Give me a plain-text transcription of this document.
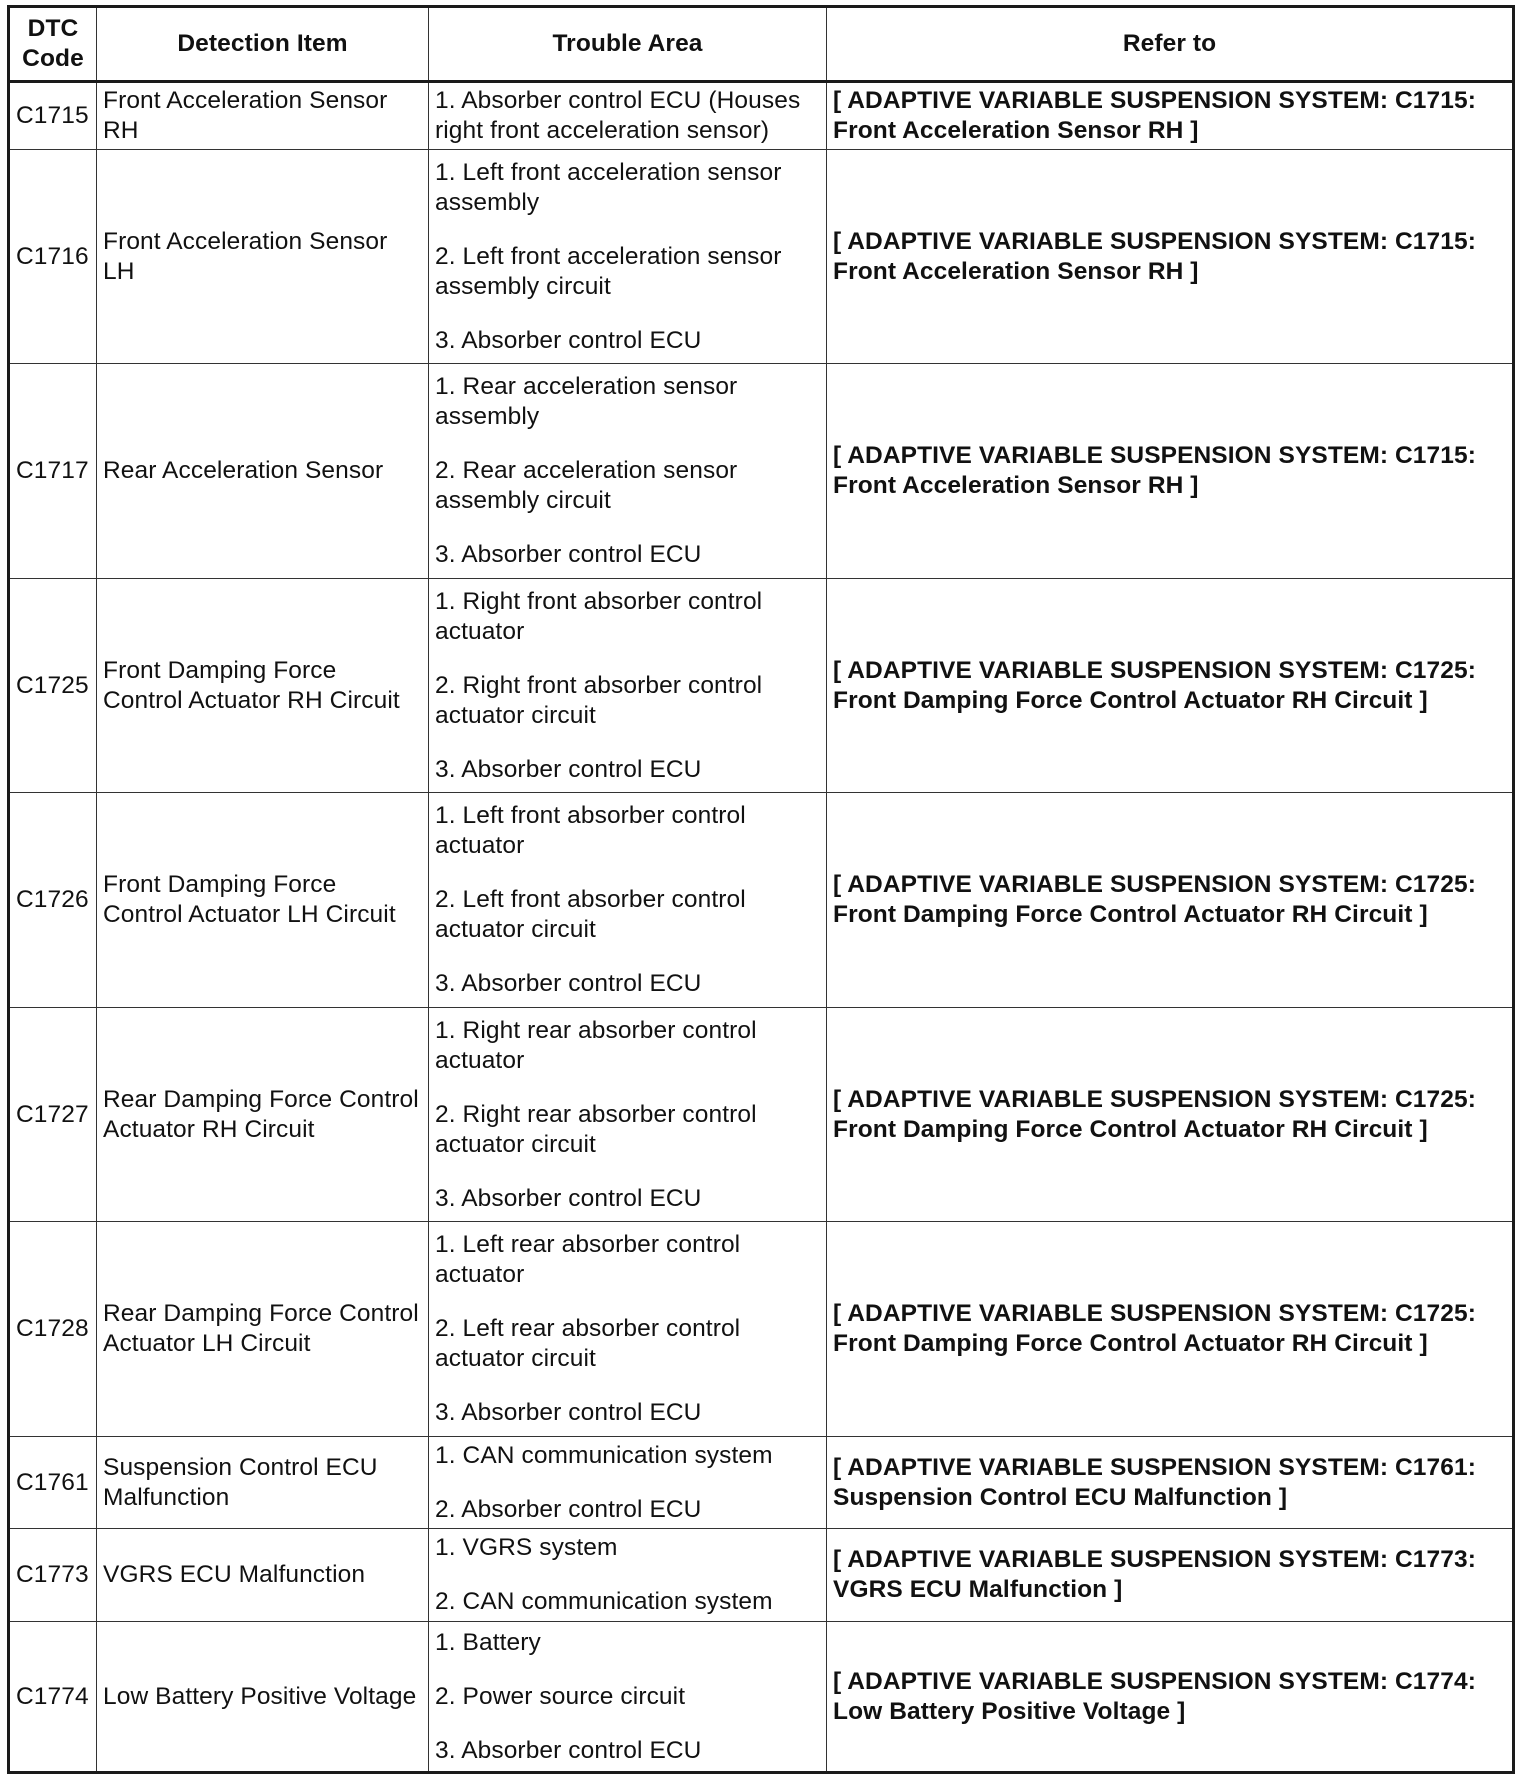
DTC
Code	Detection Item	Trouble Area	Refer to
C1715	Front Acceleration Sensor RH	1. Absorber control ECU (Houses right front acceleration sensor)	[ ADAPTIVE VARIABLE SUSPENSION SYSTEM: C1715: Front Acceleration Sensor RH ]
C1716	Front Acceleration Sensor LH	1. Left front acceleration sensor assembly
2. Left front acceleration sensor assembly circuit
3. Absorber control ECU	[ ADAPTIVE VARIABLE SUSPENSION SYSTEM: C1715: Front Acceleration Sensor RH ]
C1717	Rear Acceleration Sensor	1. Rear acceleration sensor assembly
2. Rear acceleration sensor assembly circuit
3. Absorber control ECU	[ ADAPTIVE VARIABLE SUSPENSION SYSTEM: C1715: Front Acceleration Sensor RH ]
C1725	Front Damping Force Control Actuator RH Circuit	1. Right front absorber control actuator
2. Right front absorber control actuator circuit
3. Absorber control ECU	[ ADAPTIVE VARIABLE SUSPENSION SYSTEM: C1725: Front Damping Force Control Actuator RH Circuit ]
C1726	Front Damping Force Control Actuator LH Circuit	1. Left front absorber control actuator
2. Left front absorber control actuator circuit
3. Absorber control ECU	[ ADAPTIVE VARIABLE SUSPENSION SYSTEM: C1725: Front Damping Force Control Actuator RH Circuit ]
C1727	Rear Damping Force Control Actuator RH Circuit	1. Right rear absorber control actuator
2. Right rear absorber control actuator circuit
3. Absorber control ECU	[ ADAPTIVE VARIABLE SUSPENSION SYSTEM: C1725: Front Damping Force Control Actuator RH Circuit ]
C1728	Rear Damping Force Control Actuator LH Circuit	1. Left rear absorber control actuator
2. Left rear absorber control actuator circuit
3. Absorber control ECU	[ ADAPTIVE VARIABLE SUSPENSION SYSTEM: C1725: Front Damping Force Control Actuator RH Circuit ]
C1761	Suspension Control ECU Malfunction	1. CAN communication system
2. Absorber control ECU	[ ADAPTIVE VARIABLE SUSPENSION SYSTEM: C1761: Suspension Control ECU Malfunction ]
C1773	VGRS ECU Malfunction	1. VGRS system
2. CAN communication system	[ ADAPTIVE VARIABLE SUSPENSION SYSTEM: C1773: VGRS ECU Malfunction ]
C1774	Low Battery Positive Voltage	1. Battery
2. Power source circuit
3. Absorber control ECU	[ ADAPTIVE VARIABLE SUSPENSION SYSTEM: C1774: Low Battery Positive Voltage ]
